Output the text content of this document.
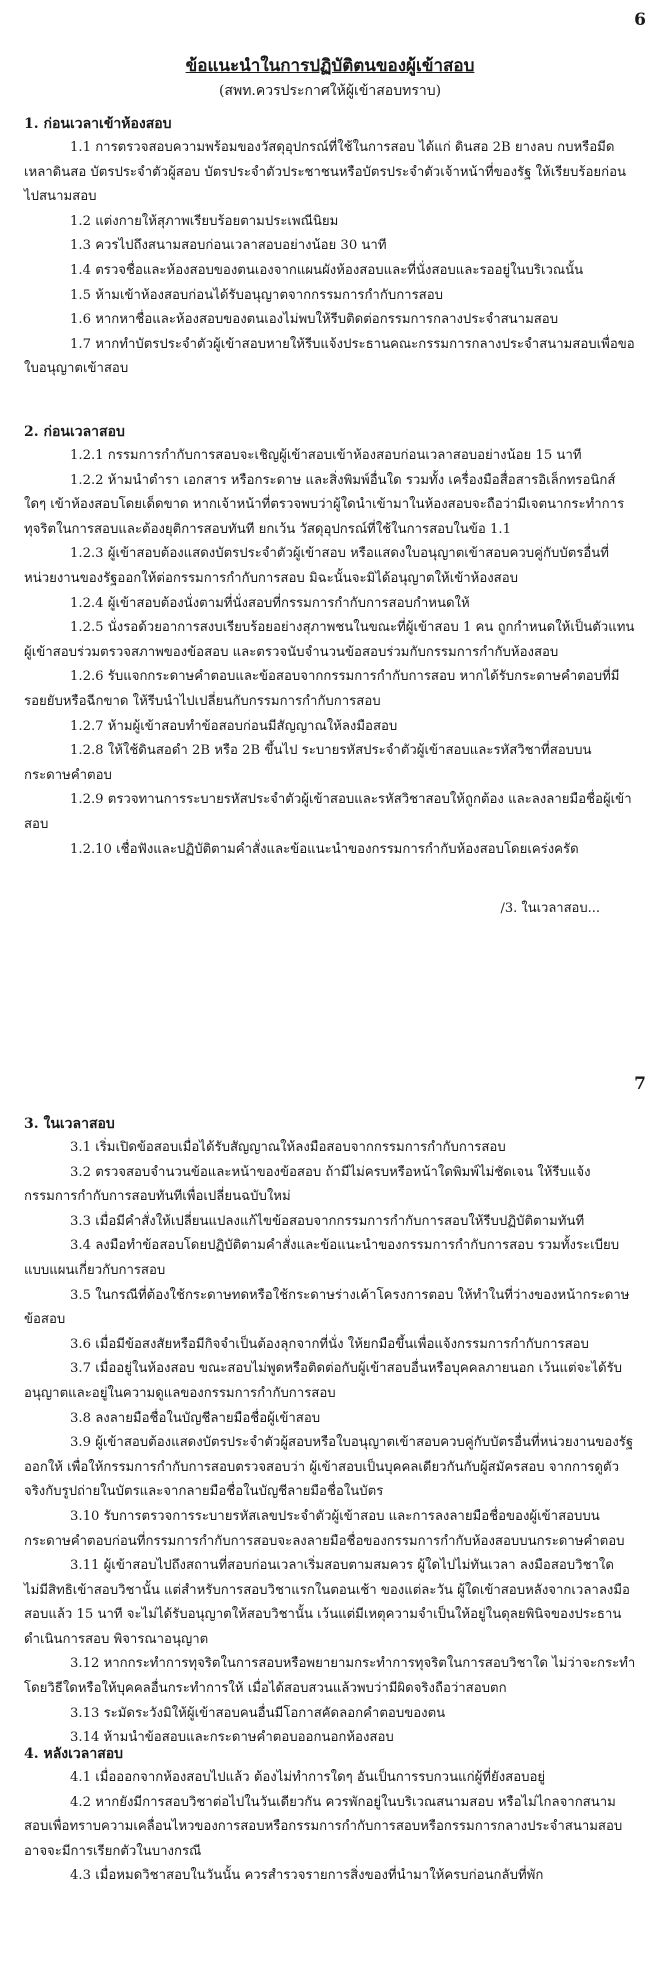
6
ข้อแนะนำในการปฏิบัติตนของผู้เข้าสอบ
(สพท.ควรประกาศให้ผู้เข้าสอบทราบ)
1. ก่อนเวลาเข้าห้องสอบ

1.1 การตรวจสอบความพร้อมของวัสดุอุปกรณ์ที่ใช้ในการสอบ ได้แก่ ดินสอ 2B ยางลบ กบหรือมีดเหลาดินสอ บัตรประจำตัวผู้สอบ บัตรประจำตัวประชาชนหรือบัตรประจำตัวเจ้าหน้าที่ของรัฐ ให้เรียบร้อยก่อนไปสนามสอบ

1.2 แต่งกายให้สุภาพเรียบร้อยตามประเพณีนิยม

1.3 ควรไปถึงสนามสอบก่อนเวลาสอบอย่างน้อย 30 นาที

1.4 ตรวจชื่อและห้องสอบของตนเองจากแผนผังห้องสอบและที่นั่งสอบและรออยู่ในบริเวณนั้น

1.5 ห้ามเข้าห้องสอบก่อนได้รับอนุญาตจากกรรมการกำกับการสอบ

1.6 หากหาชื่อและห้องสอบของตนเองไม่พบให้รีบติดต่อกรรมการกลางประจำสนามสอบ

1.7 หากทำบัตรประจำตัวผู้เข้าสอบหายให้รีบแจ้งประธานคณะกรรมการกลางประจำสนามสอบเพื่อขอใบอนุญาตเข้าสอบ

2. ก่อนเวลาสอบ

1.2.1 กรรมการกำกับการสอบจะเชิญผู้เข้าสอบเข้าห้องสอบก่อนเวลาสอบอย่างน้อย 15 นาที

1.2.2 ห้ามนำตำรา เอกสาร หรือกระดาษ และสิ่งพิมพ์อื่นใด รวมทั้ง เครื่องมือสื่อสารอิเล็กทรอนิกส์ใดๆ เข้าห้องสอบโดยเด็ดขาด หากเจ้าหน้าที่ตรวจพบว่าผู้ใดนำเข้ามาในห้องสอบจะถือว่ามีเจตนากระทำการทุจริตในการสอบและต้องยุติการสอบทันที ยกเว้น วัสดุอุปกรณ์ที่ใช้ในการสอบในข้อ 1.1

1.2.3 ผู้เข้าสอบต้องแสดงบัตรประจำตัวผู้เข้าสอบ หรือแสดงใบอนุญาตเข้าสอบควบคู่กับบัตรอื่นที่หน่วยงานของรัฐออกให้ต่อกรรมการกำกับการสอบ มิฉะนั้นจะมิได้อนุญาตให้เข้าห้องสอบ

1.2.4 ผู้เข้าสอบต้องนั่งตามที่นั่งสอบที่กรรมการกำกับการสอบกำหนดให้

1.2.5 นั่งรอด้วยอาการสงบเรียบร้อยอย่างสุภาพชนในขณะที่ผู้เข้าสอบ 1 คน ถูกกำหนดให้เป็นตัวแทนผู้เข้าสอบร่วมตรวจสภาพของข้อสอบ และตรวจนับจำนวนข้อสอบร่วมกับกรรมการกำกับห้องสอบ

1.2.6 รับแจกกระดาษคำตอบและข้อสอบจากกรรมการกำกับการสอบ หากได้รับกระดาษคำตอบที่มีรอยยับหรือฉีกขาด ให้รีบนำไปเปลี่ยนกับกรรมการกำกับการสอบ

1.2.7 ห้ามผู้เข้าสอบทำข้อสอบก่อนมีสัญญาณให้ลงมือสอบ

1.2.8 ให้ใช้ดินสอดำ 2B หรือ 2B ขึ้นไป ระบายรหัสประจำตัวผู้เข้าสอบและรหัสวิชาที่สอบบนกระดาษคำตอบ

1.2.9 ตรวจทานการระบายรหัสประจำตัวผู้เข้าสอบและรหัสวิชาสอบให้ถูกต้อง และลงลายมือชื่อผู้เข้าสอบ

1.2.10 เชื่อฟังและปฏิบัติตามคำสั่งและข้อแนะนำของกรรมการกำกับห้องสอบโดยเคร่งครัด

/3. ในเวลาสอบ...
7
3. ในเวลาสอบ

3.1 เริ่มเปิดข้อสอบเมื่อได้รับสัญญาณให้ลงมือสอบจากกรรมการกำกับการสอบ

3.2 ตรวจสอบจำนวนข้อและหน้าของข้อสอบ ถ้ามีไม่ครบหรือหน้าใดพิมพ์ไม่ชัดเจน ให้รีบแจ้งกรรมการกำกับการสอบทันทีเพื่อเปลี่ยนฉบับใหม่

3.3 เมื่อมีคำสั่งให้เปลี่ยนแปลงแก้ไขข้อสอบจากกรรมการกำกับการสอบให้รีบปฏิบัติตามทันที

3.4 ลงมือทำข้อสอบโดยปฏิบัติตามคำสั่งและข้อแนะนำของกรรมการกำกับการสอบ รวมทั้งระเบียบแบบแผนเกี่ยวกับการสอบ

3.5 ในกรณีที่ต้องใช้กระดาษทดหรือใช้กระดาษร่างเค้าโครงการตอบ ให้ทำในที่ว่างของหน้ากระดาษข้อสอบ

3.6 เมื่อมีข้อสงสัยหรือมีกิจจำเป็นต้องลุกจากที่นั่ง ให้ยกมือขึ้นเพื่อแจ้งกรรมการกำกับการสอบ

3.7 เมื่ออยู่ในห้องสอบ ขณะสอบไม่พูดหรือติดต่อกับผู้เข้าสอบอื่นหรือบุคคลภายนอก เว้นแต่จะได้รับอนุญาตและอยู่ในความดูแลของกรรมการกำกับการสอบ

3.8 ลงลายมือชื่อในบัญชีลายมือชื่อผู้เข้าสอบ

3.9 ผู้เข้าสอบต้องแสดงบัตรประจำตัวผู้สอบหรือใบอนุญาตเข้าสอบควบคู่กับบัตรอื่นที่หน่วยงานของรัฐออกให้ เพื่อให้กรรมการกำกับการสอบตรวจสอบว่า ผู้เข้าสอบเป็นบุคคลเดียวกันกับผู้สมัครสอบ จากการดูตัวจริงกับรูปถ่ายในบัตรและจากลายมือชื่อในบัญชีลายมือชื่อในบัตร

3.10 รับการตรวจการระบายรหัสเลขประจำตัวผู้เข้าสอบ และการลงลายมือชื่อของผู้เข้าสอบบนกระดาษคำตอบก่อนที่กรรมการกำกับการสอบจะลงลายมือชื่อของกรรมการกำกับห้องสอบบนกระดาษคำตอบ

3.11 ผู้เข้าสอบไปถึงสถานที่สอบก่อนเวลาเริ่มสอบตามสมควร ผู้ใดไปไม่ทันเวลา ลงมือสอบวิชาใดไม่มีสิทธิเข้าสอบวิชานั้น แต่สำหรับการสอบวิชาแรกในตอนเช้า ของแต่ละวัน ผู้ใดเข้าสอบหลังจากเวลาลงมือสอบแล้ว 15 นาที จะไม่ได้รับอนุญาตให้สอบวิชานั้น เว้นแต่มีเหตุความจำเป็นให้อยู่ในดุลยพินิจของประธานดำเนินการสอบ พิจารณาอนุญาต

3.12 หากกระทำการทุจริตในการสอบหรือพยายามกระทำการทุจริตในการสอบวิชาใด ไม่ว่าจะกระทำโดยวิธีใดหรือให้บุคคลอื่นกระทำการให้ เมื่อได้สอบสวนแล้วพบว่ามีผิดจริงถือว่าสอบตก

3.13 ระมัดระวังมิให้ผู้เข้าสอบคนอื่นมีโอกาสคัดลอกคำตอบของตน

3.14 ห้ามนำข้อสอบและกระดาษคำตอบออกนอกห้องสอบ

4. หลังเวลาสอบ

4.1 เมื่อออกจากห้องสอบไปแล้ว ต้องไม่ทำการใดๆ อันเป็นการรบกวนแก่ผู้ที่ยังสอบอยู่

4.2 หากยังมีการสอบวิชาต่อไปในวันเดียวกัน ควรพักอยู่ในบริเวณสนามสอบ หรือไม่ไกลจากสนามสอบเพื่อทราบความเคลื่อนไหวของการสอบหรือกรรมการกำกับการสอบหรือกรรมการกลางประจำสนามสอบ อาจจะมีการเรียกตัวในบางกรณี

4.3 เมื่อหมดวิชาสอบในวันนั้น ควรสำรวจรายการสิ่งของที่นำมาให้ครบก่อนกลับที่พัก
